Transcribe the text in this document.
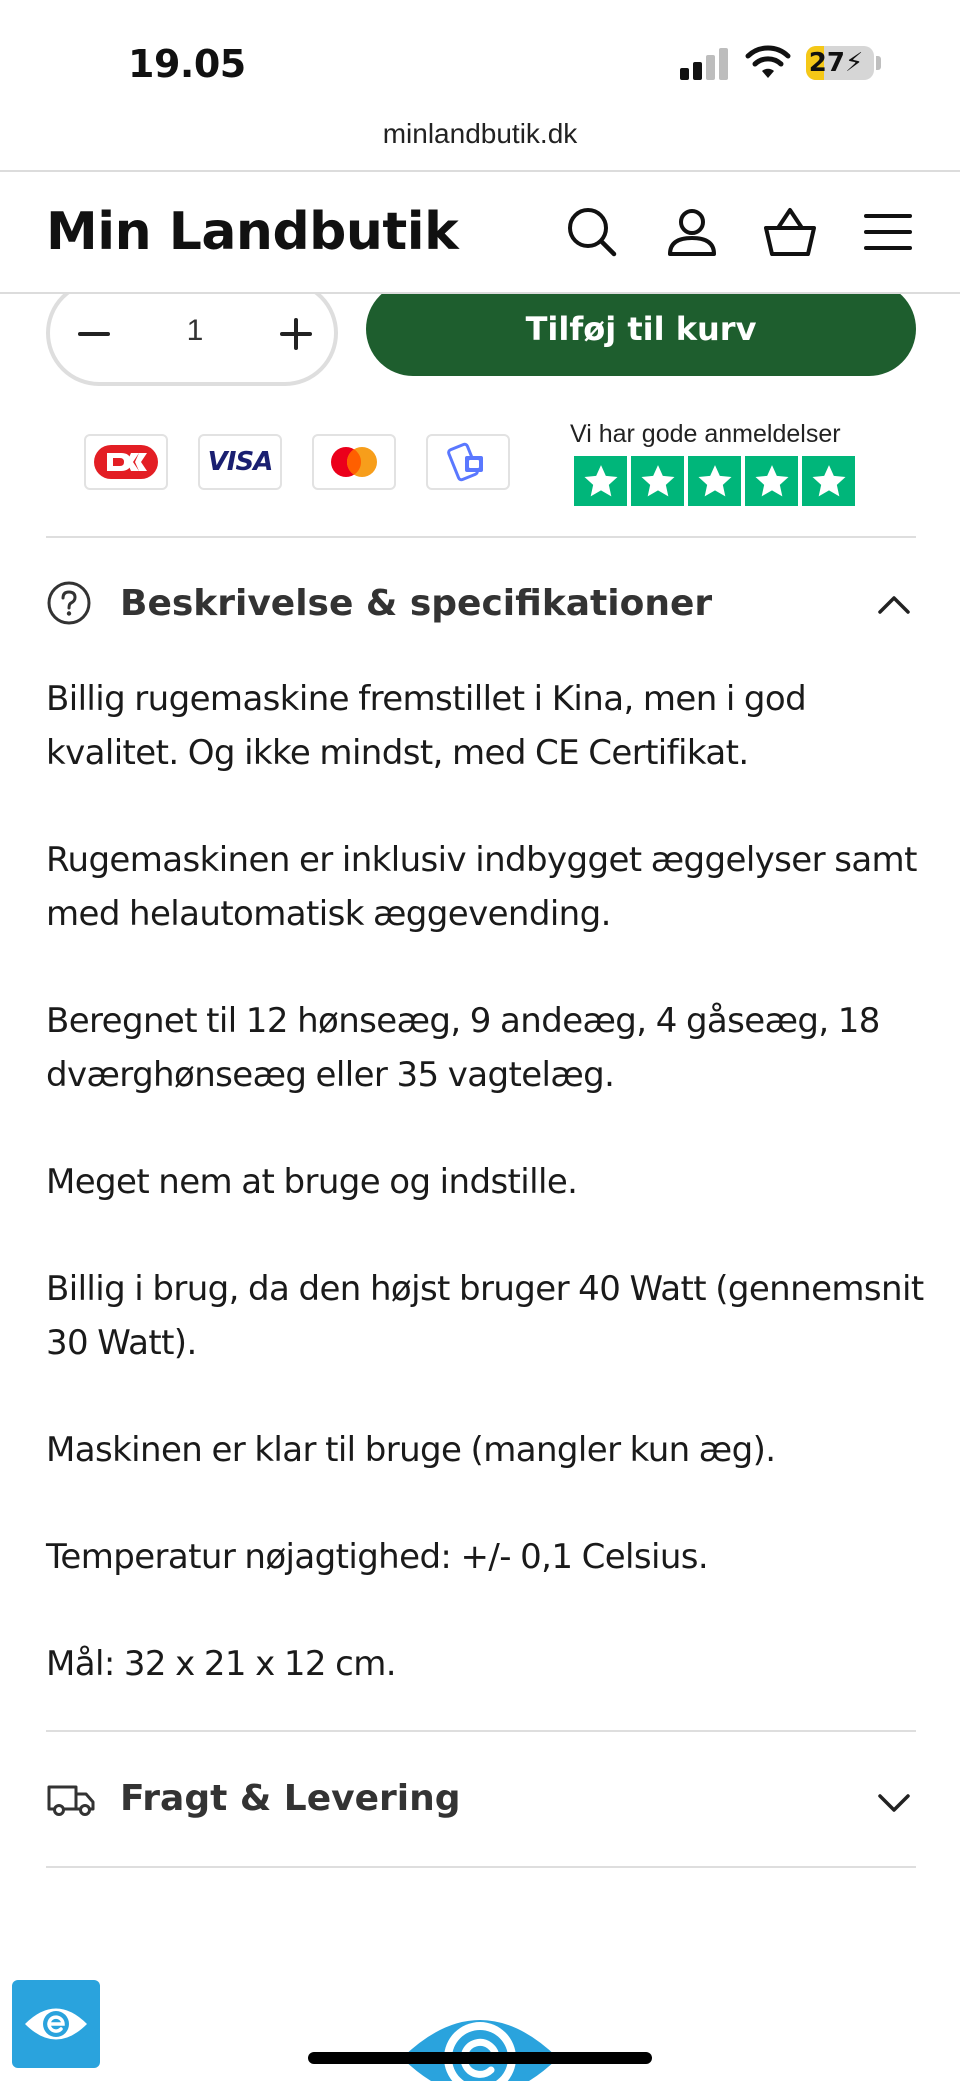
19.05	27⚡
minlandbutik.dk
1	Tilføj til kurv
Min Landbutik
VISA
Vi har gode anmeldelser
Beskrivelse & specifikationer

Billig rugemaskine fremstillet i Kina, men i god kvalitet. Og ikke mindst, med CE Certifikat.

Rugemaskinen er inklusiv indbygget æggelyser samt med helautomatisk æggevending.

Beregnet til 12 hønseæg, 9 andeæg, 4 gåseæg, 18 dværghønseæg eller 35 vagtelæg.

Meget nem at bruge og indstille.

Billig i brug, da den højst bruger 40 Watt (gennemsnit 30 Watt).

Maskinen er klar til bruge (mangler kun æg).

Temperatur nøjagtighed: +/- 0,1 Celsius.

Mål: 32 x 21 x 12 cm.

Fragt & Levering
